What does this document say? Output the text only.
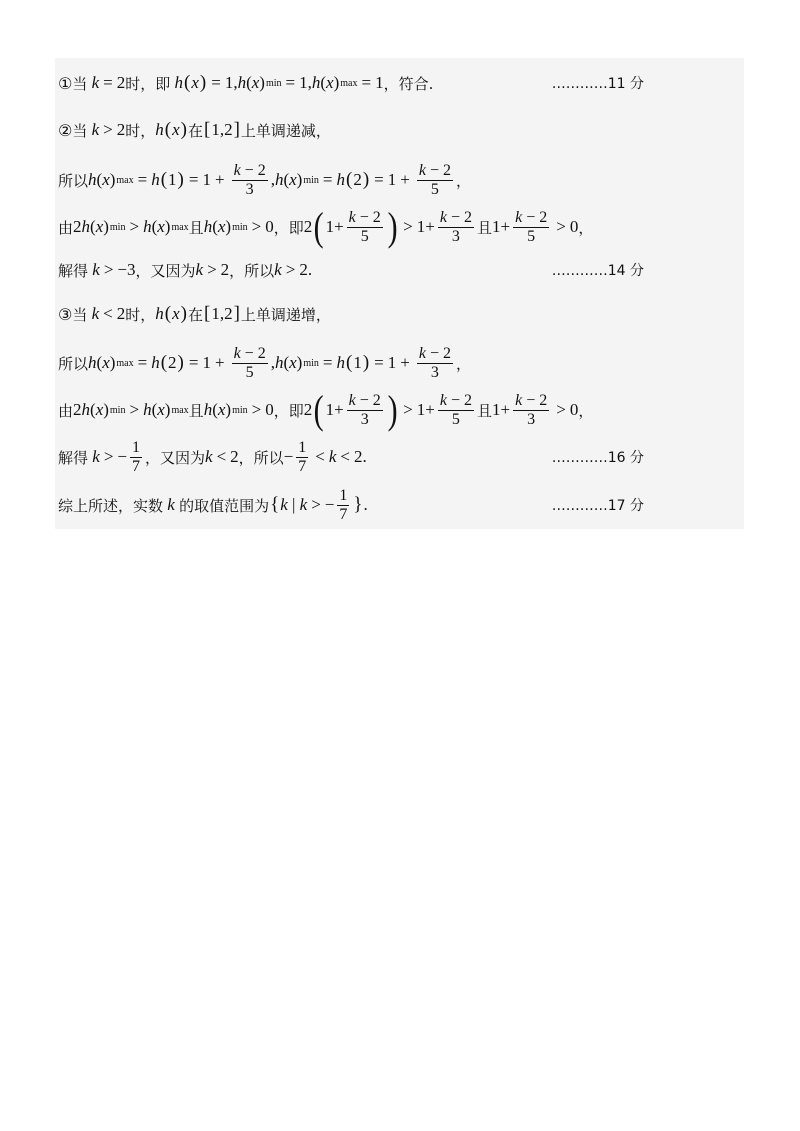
① 当 k = 2 时， 即 h ( x ) = 1, h ( x ) min = 1, h ( x ) max = 1 ， 符合.	…………11 分
② 当 k > 2 时， h ( x ) 在 [ 1,2 ] 上单调递减，
所以 h ( x ) max = h ( 1 ) = $1 + \frac{k - 2}{3}$ , h ( x ) min = h ( 2 ) = $1 + \frac{k - 2}{5}$ ，
由 2 h ( x ) min > h ( x ) max 且 h ( x ) min > 0 ，即 2 ( $1+ \frac{k - 2}{5}$ ) > $1+ \frac{k - 2}{3}$ 且 $1+ \frac{k - 2}{5} > 0$ ，
解得 k > −3 ，又因为 k > 2 ，所以 k > 2.	…………14 分
③ 当 k < 2 时， h ( x ) 在 [ 1,2 ] 上单调递增，
所以 h ( x ) max = h ( 2 ) = $1 + \frac{k - 2}{5}$ , h ( x ) min = h ( 1 ) = $1 + \frac{k - 2}{3}$ ，
由 2 h ( x ) min > h ( x ) max 且 h ( x ) min > 0 ，即 2 ( $1+ \frac{k - 2}{3}$ ) > $1+ \frac{k - 2}{5}$ 且 $1+ \frac{k - 2}{3} > 0$ ，
解得 k > − $\frac{1}{7}$ ，又因为 k < 2 ，所以 − $\frac{1}{7} < k < 2$.	…………16 分
综上所述，实数 k 的取值范围为 { k | k > − $\frac{1}{7}$ } .	…………17 分
